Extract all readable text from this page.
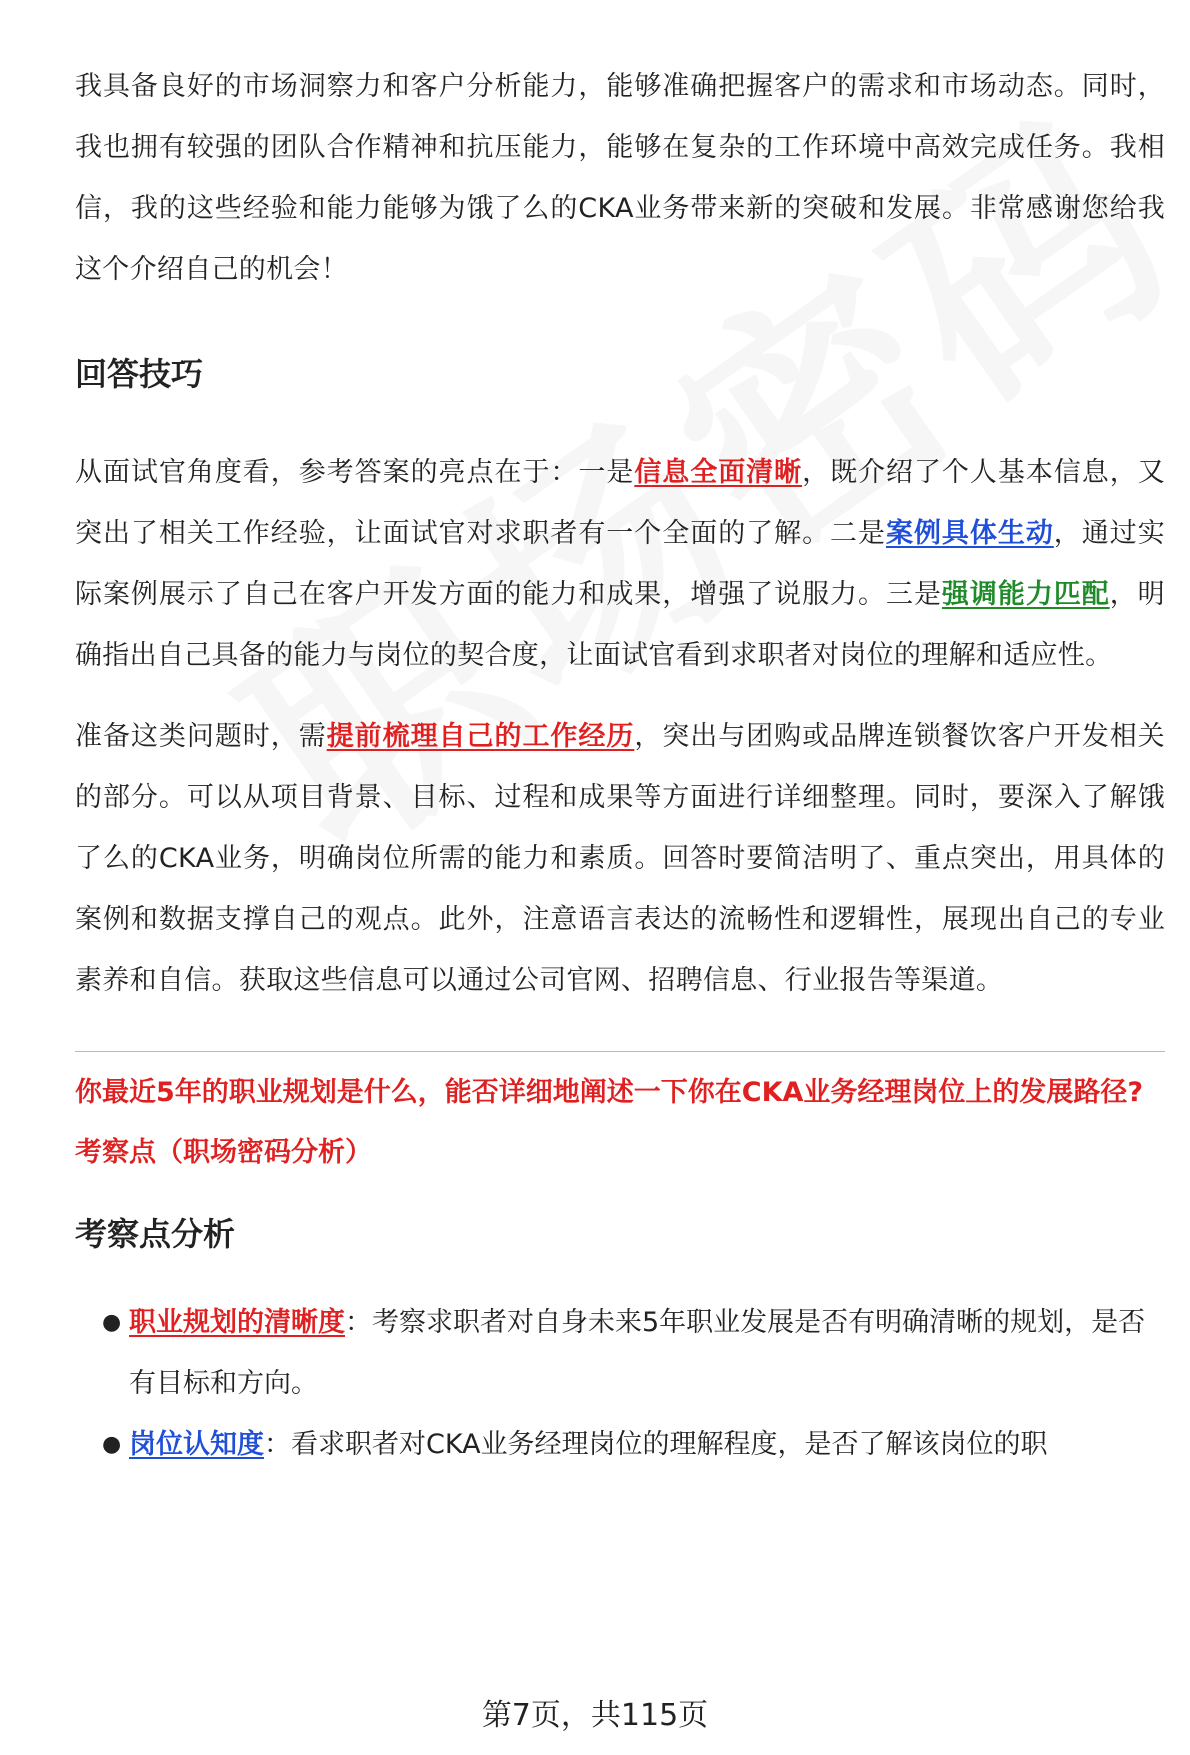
我具备良好的市场洞察力和客户分析能力，能够准确把握客户的需求和市场动态。同时，我也拥有较强的团队合作精神和抗压能力，能够在复杂的工作环境中高效完成任务。我相信，我的这些经验和能力能够为饿了么的CKA业务带来新的突破和发展。非常感谢您给我这个介绍自己的机会！

回答技巧

从面试官角度看，参考答案的亮点在于：一是信息全面清晰，既介绍了个人基本信息，又突出了相关工作经验，让面试官对求职者有一个全面的了解。二是案例具体生动，通过实际案例展示了自己在客户开发方面的能力和成果，增强了说服力。三是强调能力匹配，明确指出自己具备的能力与岗位的契合度，让面试官看到求职者对岗位的理解和适应性。

准备这类问题时，需提前梳理自己的工作经历，突出与团购或品牌连锁餐饮客户开发相关的部分。可以从项目背景、目标、过程和成果等方面进行详细整理。同时，要深入了解饿了么的CKA业务，明确岗位所需的能力和素质。回答时要简洁明了、重点突出，用具体的案例和数据支撑自己的观点。此外，注意语言表达的流畅性和逻辑性，展现出自己的专业素养和自信。获取这些信息可以通过公司官网、招聘信息、行业报告等渠道。

你最近5年的职业规划是什么，能否详细地阐述一下你在CKA业务经理岗位上的发展路径?

考察点（职场密码分析）

考察点分析
● 职业规划的清晰度：考察求职者对自身未来5年职业发展是否有明确清晰的规划，是否有目标和方向。
● 岗位认知度：看求职者对CKA业务经理岗位的理解程度，是否了解该岗位的职
第7页，共115页
